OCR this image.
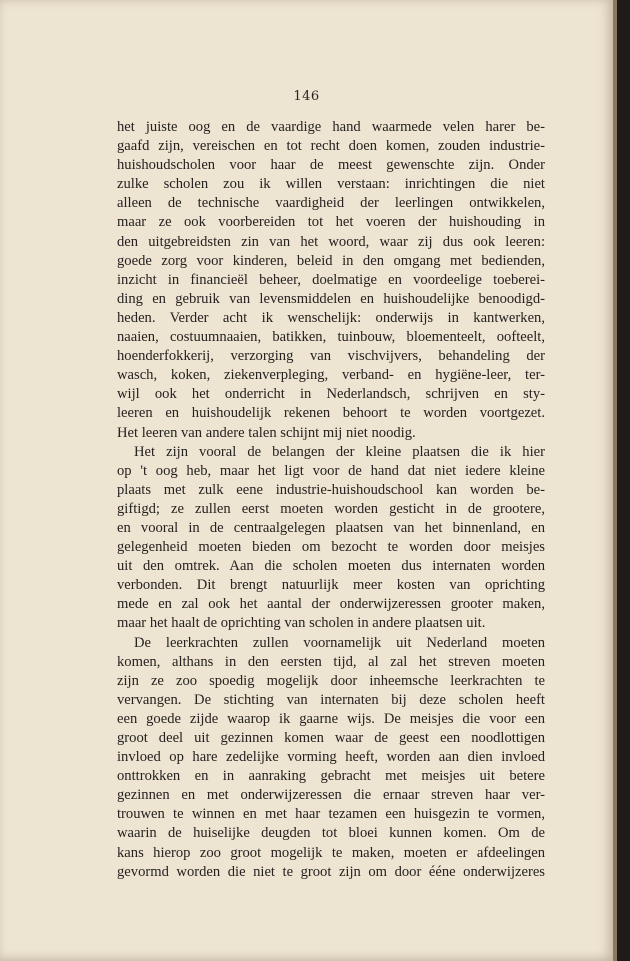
146
het juiste oog en de vaardige hand waarmede velen harer be-
gaafd zijn, vereischen en tot recht doen komen, zouden industrie-
huishoudscholen voor haar de meest gewenschte zijn. Onder
zulke scholen zou ik willen verstaan: inrichtingen die niet
alleen de technische vaardigheid der leerlingen ontwikkelen,
maar ze ook voorbereiden tot het voeren der huishouding in
den uitgebreidsten zin van het woord, waar zij dus ook leeren:
goede zorg voor kinderen, beleid in den omgang met bedienden,
inzicht in financieël beheer, doelmatige en voordeelige toeberei-
ding en gebruik van levensmiddelen en huishoudelijke benoodigd-
heden. Verder acht ik wenschelijk: onderwijs in kantwerken,
naaien, costuumnaaien, batikken, tuinbouw, bloementeelt, oofteelt,
hoenderfokkerij, verzorging van vischvijvers, behandeling der
wasch, koken, ziekenverpleging, verband- en hygiëne-leer, ter-
wijl ook het onderricht in Nederlandsch, schrijven en sty-
leeren en huishoudelijk rekenen behoort te worden voortgezet.
Het leeren van andere talen schijnt mij niet noodig.
Het zijn vooral de belangen der kleine plaatsen die ik hier
op 't oog heb, maar het ligt voor de hand dat niet iedere kleine
plaats met zulk eene industrie-huishoudschool kan worden be-
giftigd; ze zullen eerst moeten worden gesticht in de grootere,
en vooral in de centraalgelegen plaatsen van het binnenland, en
gelegenheid moeten bieden om bezocht te worden door meisjes
uit den omtrek. Aan die scholen moeten dus internaten worden
verbonden. Dit brengt natuurlijk meer kosten van oprichting
mede en zal ook het aantal der onderwijzeressen grooter maken,
maar het haalt de oprichting van scholen in andere plaatsen uit.
De leerkrachten zullen voornamelijk uit Nederland moeten
komen, althans in den eersten tijd, al zal het streven moeten
zijn ze zoo spoedig mogelijk door inheemsche leerkrachten te
vervangen. De stichting van internaten bij deze scholen heeft
een goede zijde waarop ik gaarne wijs. De meisjes die voor een
groot deel uit gezinnen komen waar de geest een noodlottigen
invloed op hare zedelijke vorming heeft, worden aan dien invloed
onttrokken en in aanraking gebracht met meisjes uit betere
gezinnen en met onderwijzeressen die ernaar streven haar ver-
trouwen te winnen en met haar tezamen een huisgezin te vormen,
waarin de huiselijke deugden tot bloei kunnen komen. Om de
kans hierop zoo groot mogelijk te maken, moeten er afdeelingen
gevormd worden die niet te groot zijn om door ééne onderwijzeres
